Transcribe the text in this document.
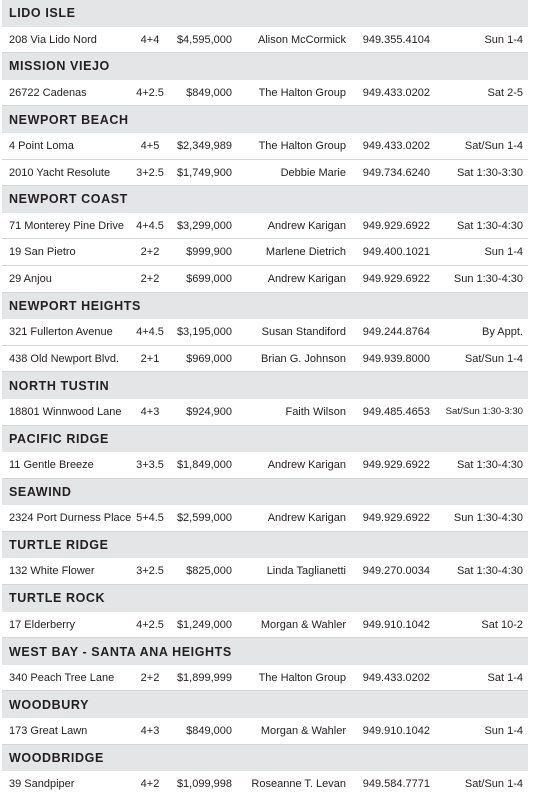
LIDO ISLE
208 Via Lido Nord	4+4	$4,595,000 Alison McCormick 949.355.4104	Sun 1-4
MISSION VIEJO
26722 Cadenas	4+2.5	$849,000 The Halton Group 949.433.0202	Sat 2-5
NEWPORT BEACH
4 Point Loma	4+5	$2,349,989 The Halton Group 949.433.0202	Sat/Sun 1-4
2010 Yacht Resolute	3+2.5	$1,749,900	Debbie Marie 949.734.6240 Sat 1:30-3:30
NEWPORT COAST
71 Monterey Pine Drive	4+4.5	$3,299,000	Andrew Karigan 949.929.6922 Sat 1:30-4:30
19 San Pietro	2+2	$999,900	Marlene Dietrich 949.400.1021	Sun 1-4
29 Anjou	2+2	$699,000	Andrew Karigan 949.929.6922 Sun 1:30-4:30
NEWPORT HEIGHTS
321 Fullerton Avenue	4+4.5	$3,195,000	Susan Standiford 949.244.8764	By Appt.
438 Old Newport Blvd.	2+1	$969,000	Brian G. Johnson 949.939.8000	Sat/Sun 1-4
NORTH TUSTIN
18801 Winnwood Lane	4+3	$924,900	Faith Wilson 949.485.4653 Sat/Sun 1:30-3:30
PACIFIC RIDGE
11 Gentle Breeze	3+3.5	$1,849,000	Andrew Karigan 949.929.6922 Sat 1:30-4:30
SEAWIND
2324 Port Durness Place 5+4.5	$2,599,000	Andrew Karigan 949.929.6922 Sun 1:30-4:30
TURTLE RIDGE
132 White Flower	3+2.5	$825,000	Linda Taglianetti 949.270.0034 Sat 1:30-4:30
TURTLE ROCK
17 Elderberry	4+2.5	$1,249,000	Morgan & Wahler 949.910.1042	Sat 10-2
WEST BAY - SANTA ANA HEIGHTS
340 Peach Tree Lane	2+2	$1,899,999 The Halton Group 949.433.0202	Sat 1-4
WOODBURY
173 Great Lawn	4+3	$849,000	Morgan & Wahler 949.910.1042	Sun 1-4
WOODBRIDGE
39 Sandpiper	4+2	$1,099,998 Roseanne T. Levan 949.584.7771	Sat/Sun 1-4
